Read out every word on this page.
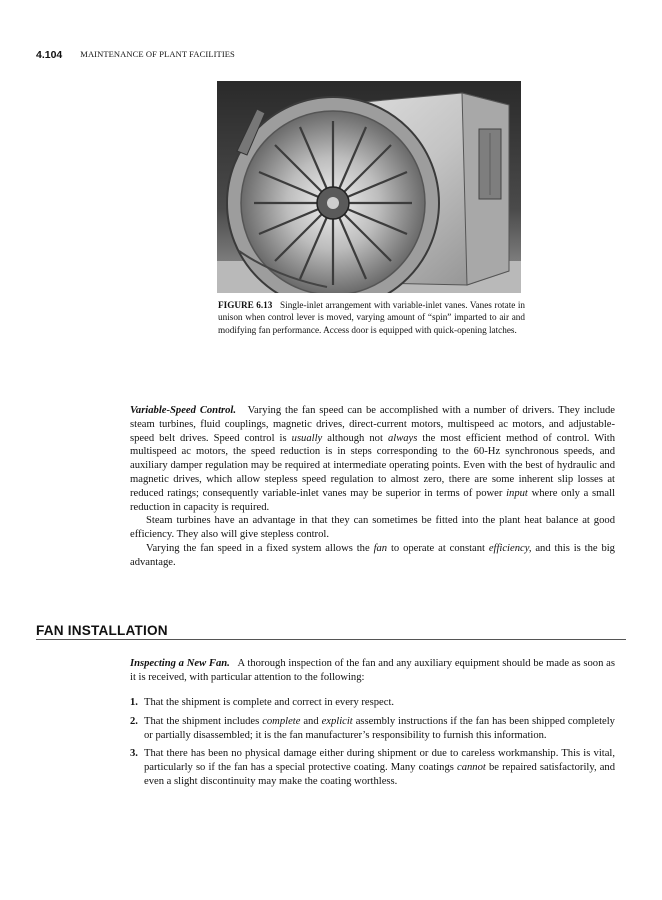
4.104 MAINTENANCE OF PLANT FACILITIES
FIGURE 6.13 Single-inlet arrangement with variable-inlet vanes. Vanes rotate in unison when control lever is moved, varying amount of “spin” imparted to air and modifying fan performance. Access door is equipped with quick-opening latches.

Variable-Speed Control. Varying the fan speed can be accomplished with a number of drivers. They include steam turbines, fluid couplings, magnetic drives, direct-current motors, multispeed ac motors, and adjustable-speed belt drives. Speed control is usually although not always the most efficient method of control. With multispeed ac motors, the speed reduction is in steps corresponding to the 60-Hz synchronous speeds, and auxiliary damper regulation may be required at intermediate operating points. Even with the best of hydraulic and magnetic drives, which allow stepless speed regulation to almost zero, there are some inherent slip losses at reduced ratings; consequently variable-inlet vanes may be superior in terms of power input where only a small reduction in capacity is required.

Steam turbines have an advantage in that they can sometimes be fitted into the plant heat balance at good efficiency. They also will give stepless control.

Varying the fan speed in a fixed system allows the fan to operate at constant efficiency, and this is the big advantage.

FAN INSTALLATION

Inspecting a New Fan. A thorough inspection of the fan and any auxiliary equipment should be made as soon as it is received, with particular attention to the following:

1. That the shipment is complete and correct in every respect.
2. That the shipment includes complete and explicit assembly instructions if the fan has been shipped completely or partially disassembled; it is the fan manufacturer’s responsibility to furnish this information.
3. That there has been no physical damage either during shipment or due to careless workmanship. This is vital, particularly so if the fan has a special protective coating. Many coatings cannot be repaired satisfactorily, and even a slight discontinuity may make the coating worthless.
